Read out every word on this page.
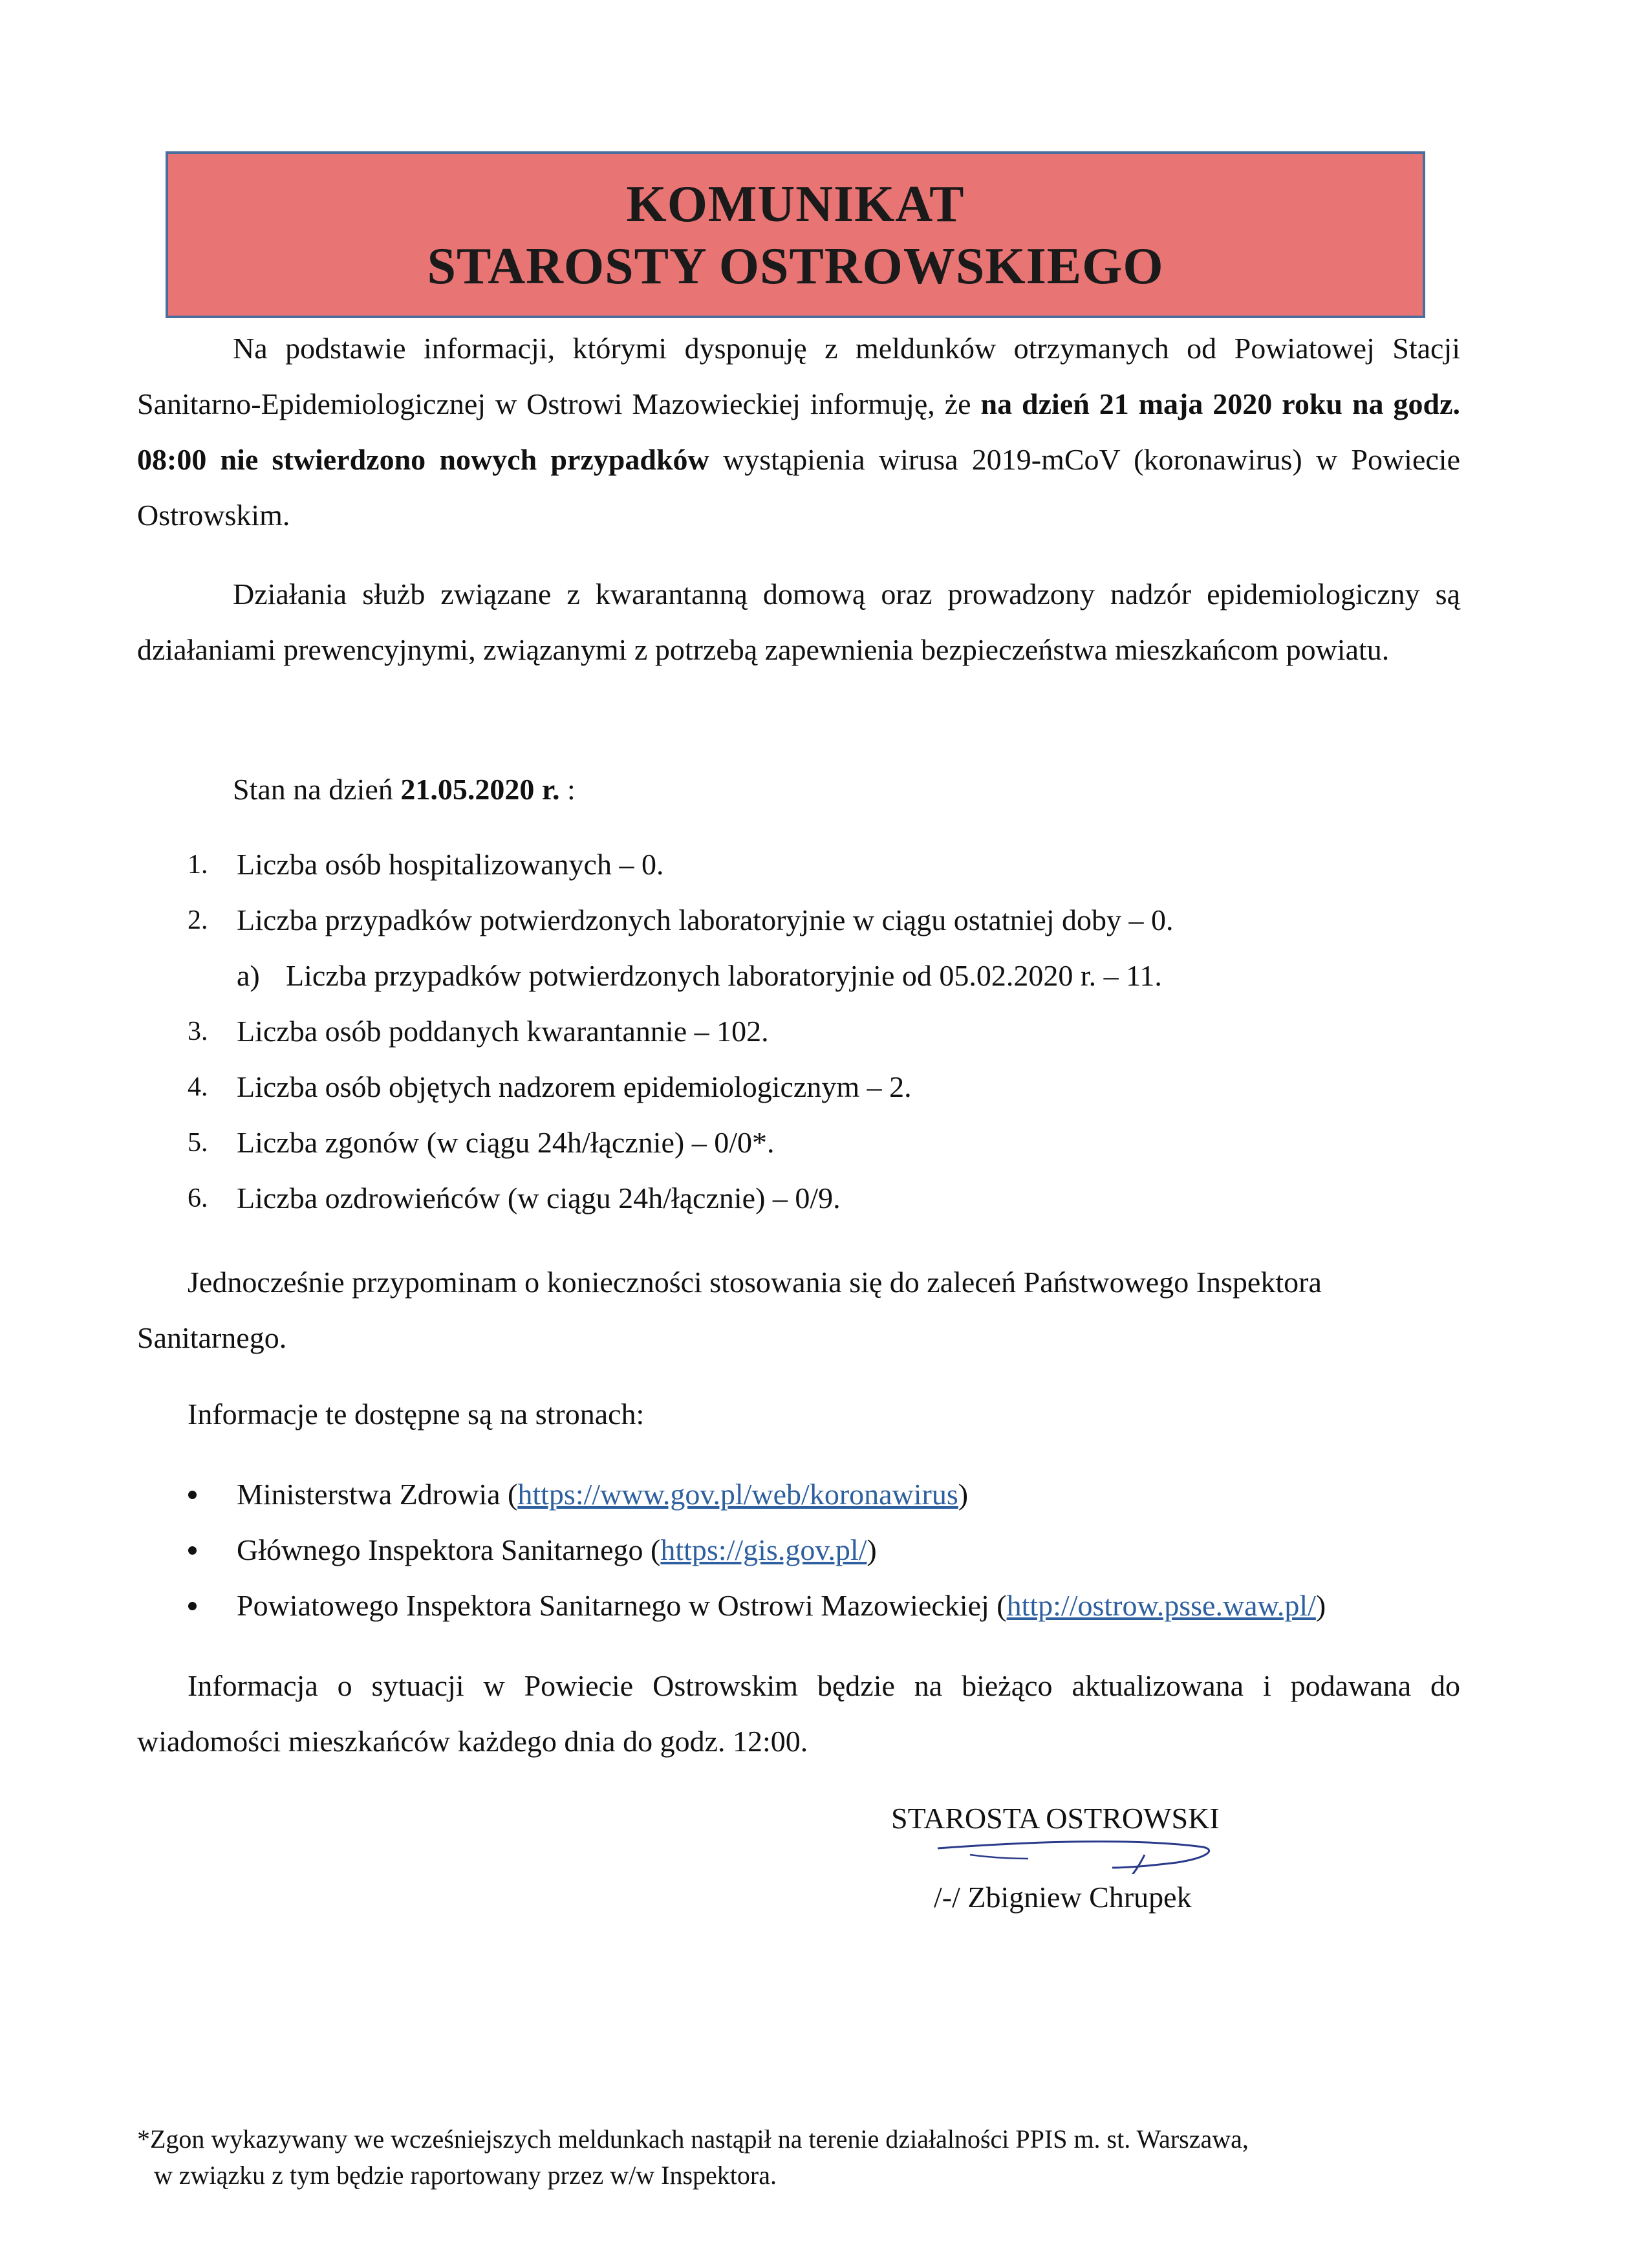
KOMUNIKAT
STAROSTY OSTROWSKIEGO
Na podstawie informacji, którymi dysponuję z meldunków otrzymanych od Powiatowej Stacji Sanitarno-Epidemiologicznej w Ostrowi Mazowieckiej informuję, że na dzień 21 maja 2020 roku na godz. 08:00 nie stwierdzono nowych przypadków wystąpienia wirusa 2019-mCoV (koronawirus) w Powiecie Ostrowskim.
Działania służb związane z kwarantanną domową oraz prowadzony nadzór epidemiologiczny są działaniami prewencyjnymi, związanymi z potrzebą zapewnienia bezpieczeństwa mieszkańcom powiatu.
Stan na dzień 21.05.2020 r. :
1. Liczba osób hospitalizowanych – 0.
2. Liczba przypadków potwierdzonych laboratoryjnie w ciągu ostatniej doby – 0.
a) Liczba przypadków potwierdzonych laboratoryjnie od 05.02.2020 r. – 11.
3. Liczba osób poddanych kwarantannie – 102.
4. Liczba osób objętych nadzorem epidemiologicznym – 2.
5. Liczba zgonów (w ciągu 24h/łącznie) – 0/0*.
6. Liczba ozdrowieńców (w ciągu 24h/łącznie) – 0/9.
Jednocześnie przypominam o konieczności stosowania się do zaleceń Państwowego Inspektora
Sanitarnego.
Informacje te dostępne są na stronach:
Ministerstwa Zdrowia (https://www.gov.pl/web/koronawirus)
Głównego Inspektora Sanitarnego (https://gis.gov.pl/)
Powiatowego Inspektora Sanitarnego w Ostrowi Mazowieckiej (http://ostrow.psse.waw.pl/)
Informacja o sytuacji w Powiecie Ostrowskim będzie na bieżąco aktualizowana i podawana do wiadomości mieszkańców każdego dnia do godz. 12:00.
STAROSTA OSTROWSKI
/-/ Zbigniew Chrupek
*Zgon wykazywany we wcześniejszych meldunkach nastąpił na terenie działalności PPIS m. st. Warszawa,
w związku z tym będzie raportowany przez w/w Inspektora.
